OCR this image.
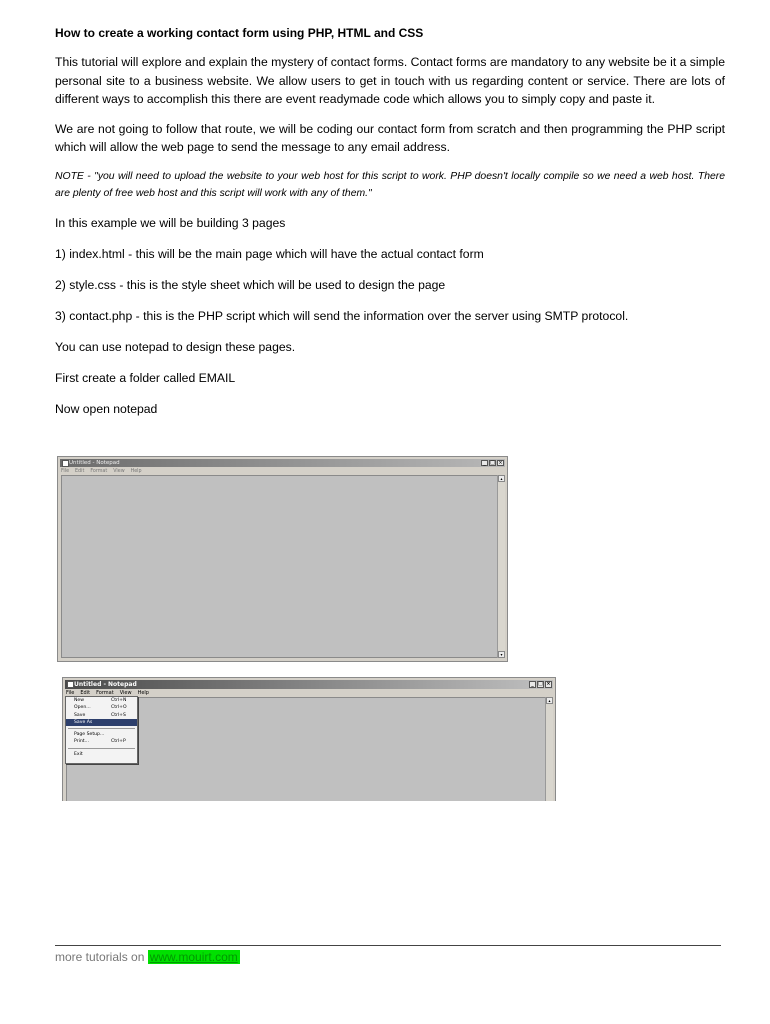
How to create a working contact form using PHP, HTML and CSS

This tutorial will explore and explain the mystery of contact forms. Contact forms are mandatory to any website be it a simple personal site to a business website. We allow users to get in touch with us regarding content or service. There are lots of different ways to accomplish this there are event readymade code which allows you to simply copy and paste it.

We are not going to follow that route, we will be coding our contact form from scratch and then programming the PHP script which will allow the web page to send the message to any email address.

NOTE - "you will need to upload the website to your web host for this script to work. PHP doesn't locally compile so we need a web host. There are plenty of free web host and this script will work with any of them."

In this example we will be building 3 pages

1) index.html - this will be the main page which will have the actual contact form

2) style.css - this is the style sheet which will be used to design the page

3) contact.php - this is the PHP script which will send the information over the server using SMTP protocol.

You can use notepad to design these pages.

First create a folder called EMAIL

Now open notepad

Untitled - Notepad	_ □ ×
File Edit Format View Help
▴
▾
Untitled - Notepad	_ □ ×
File Edit Format View Help
▴
New	Ctrl+N
Open...	Ctrl+O
Save	Ctrl+S
Save As
Page Setup...
Print...	Ctrl+P
Exit
more tutorials on www.mouirt.com
